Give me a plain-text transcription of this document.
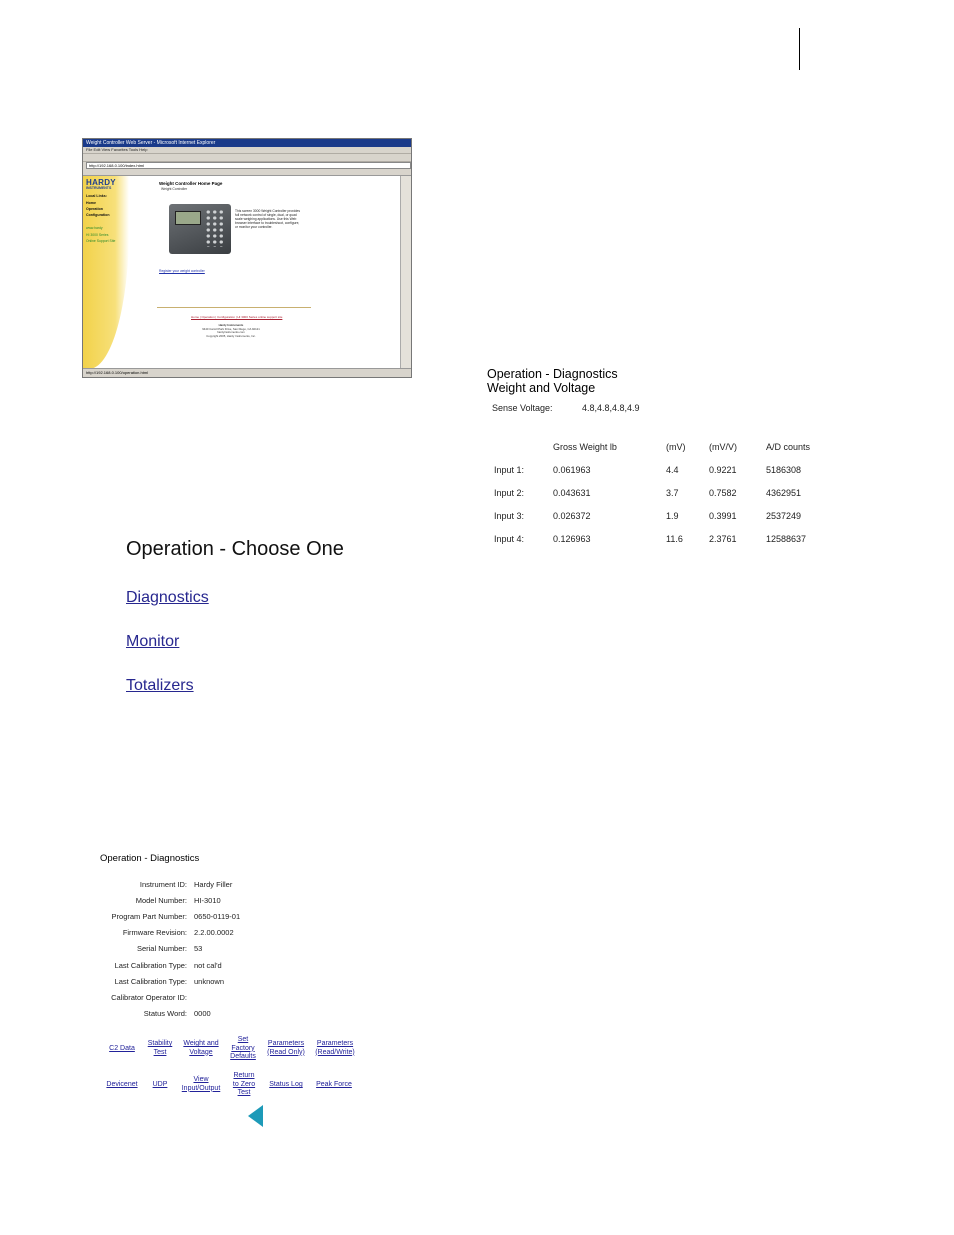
Weight Controller Web Server - Microsoft Internet Explorer
File Edit View Favorites Tools Help
http://192.168.0.100/index.html
HARDY
INSTRUMENTS
Local Links:
Home
Operation
Configuration
www.hardy
HI 3000 Series
Online Support Site
Weight Controller Home Page
Weight Controller
This screen 3000 Weight Controller provides full network control of single, dual, or quad scale weighing applications. Use this Web browser interface to troubleshoot, configure, or monitor your controller.
Register your weight controller
Home | Operation | Configuration | HI 3000 Series online support site
Hardy Instruments
9440 Carroll Park Drive, San Diego, CA 92121
hardyinstruments.com
Copyright 2005, Hardy Instruments, Inc.
http://192.168.0.100/operation.html
Operation - Choose One
Diagnostics
Monitor
Totalizers
Operation - Diagnostics
Weight and Voltage
Sense Voltage:	4.8,4.8,4.8,4.9
Gross Weight lb	(mV)	(mV/V)	A/D counts
Input 1:	0.061963	4.4	0.9221	5186308
Input 2:	0.043631	3.7	0.7582	4362951
Input 3:	0.026372	1.9	0.3991	2537249
Input 4:	0.126963	11.6	2.3761	12588637
Operation - Diagnostics
Instrument ID: Hardy Filler
Model Number: HI-3010
Program Part Number: 0650-0119-01
Firmware Revision: 2.2.00.0002
Serial Number: 53
Last Calibration Type: not cal'd
Last Calibration Type: unknown
Calibrator Operator ID:
Status Word: 0000
C2 Data
Stability
Test
Weight and
Voltage
Set
Factory
Defaults
Parameters
(Read Only)
Parameters
(Read/Write)
Devicenet	UDP
View
Input/Output
Return
to Zero
Test
Status Log	Peak Force
